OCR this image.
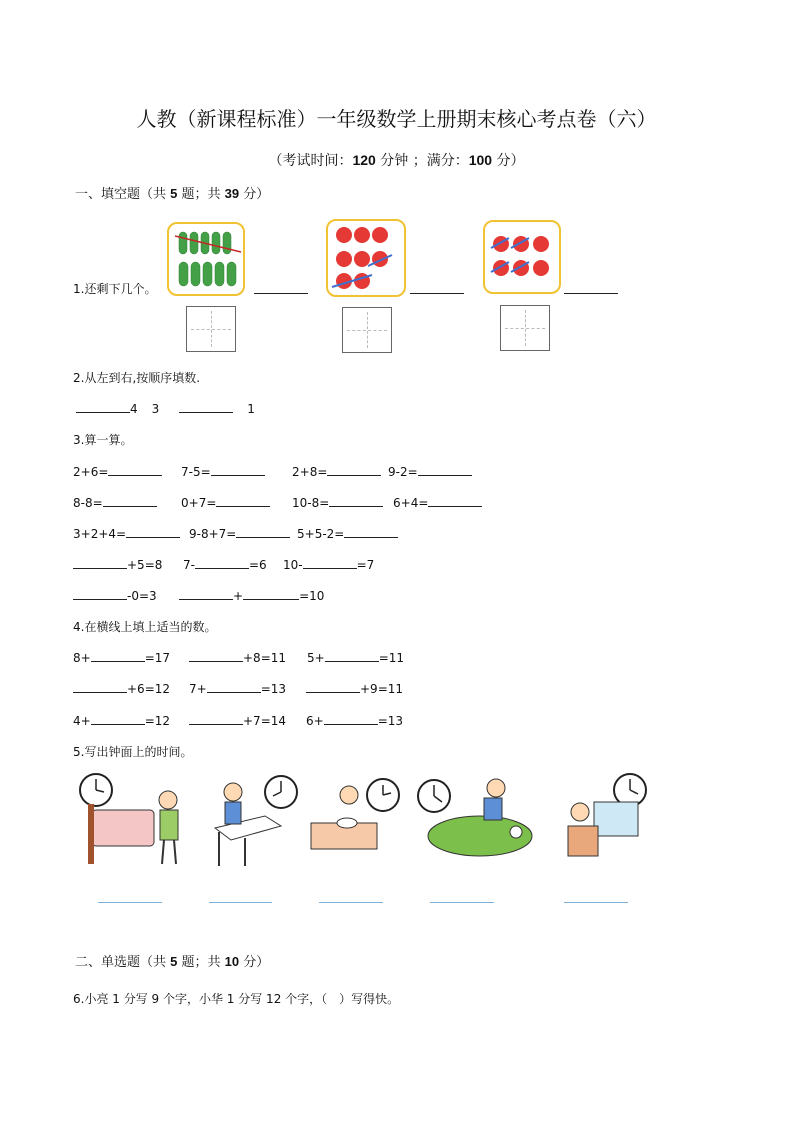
人教（新课程标准）一年级数学上册期末核心考点卷（六）
（考试时间：120 分钟 ；满分：100 分）
一、填空题（共 5 题；共 39 分）
1.还剩下几个。
2.从左到右,按顺序填数.
4 3	1
3.算一算。
2+6=	7-5=	2+8=	9-2=
8-8=	0+7=	10-8=	6+4=
3+2+4=	9-8+7=	5+5-2=
+5=8 7-	=6 10-	=7
-0=3	+	=10
4.在横线上填上适当的数。
8+	=17	+8=11 5+	=11
+6=12 7+	=13	+9=11
4+	=12	+7=14 6+	=13
5.写出钟面上的时间。
二、单选题（共 5 题；共 10 分）
6.小亮 1 分写 9 个字，小华 1 分写 12 个字，（　）写得快。
